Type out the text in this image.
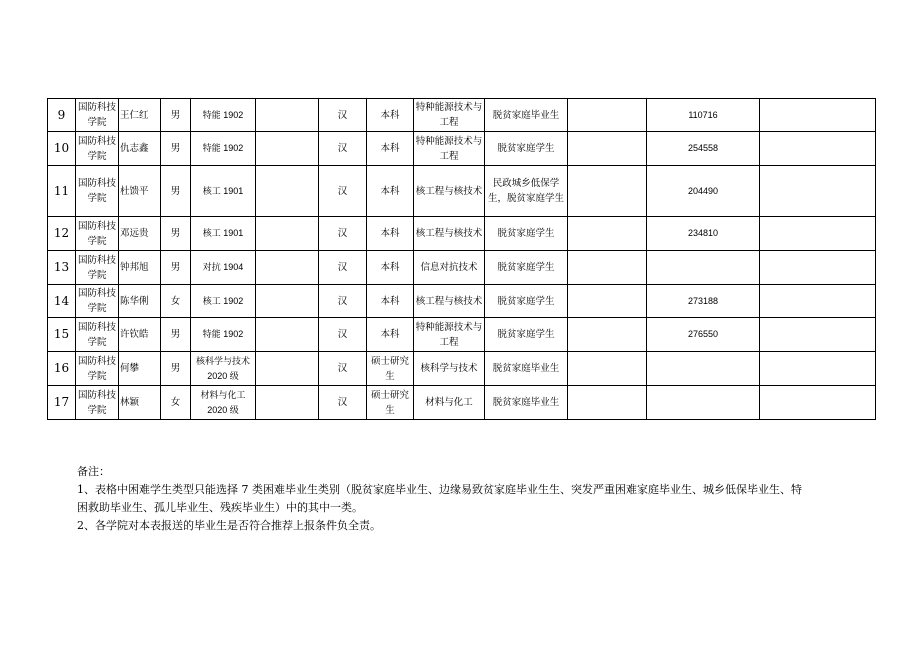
9	国防科技学院	王仁红	男	特能 1902		汉	本科	特种能源技术与工程	脱贫家庭毕业生		110716	
10	国防科技学院	仇志鑫	男	特能 1902		汉	本科	特种能源技术与工程	脱贫家庭学生		254558	
11	国防科技学院	杜馈平	男	核工 1901		汉	本科	核工程与核技术	民政城乡低保学生，脱贫家庭学生		204490	
12	国防科技学院	邓远贵	男	核工 1901		汉	本科	核工程与核技术	脱贫家庭学生		234810	
13	国防科技学院	钟邦旭	男	对抗 1904		汉	本科	信息对抗技术	脱贫家庭学生			
14	国防科技学院	陈华俐	女	核工 1902		汉	本科	核工程与核技术	脱贫家庭学生		273188	
15	国防科技学院	许钦皓	男	特能 1902		汉	本科	特种能源技术与工程	脱贫家庭学生		276550	
16	国防科技学院	何攀	男	核科学与技术 2020 级		汉	硕士研究生	核科学与技术	脱贫家庭毕业生			
17	国防科技学院	林颖	女	材料与化工 2020 级		汉	硕士研究生	材料与化工	脱贫家庭毕业生			
备注：
1、表格中困难学生类型只能选择 7 类困难毕业生类别（脱贫家庭毕业生、边缘易致贫家庭毕业生生、突发严重困难家庭毕业生、城乡低保毕业生、特
困救助毕业生、孤儿毕业生、残疾毕业生）中的其中一类。
2、各学院对本表报送的毕业生是否符合推荐上报条件负全责。
